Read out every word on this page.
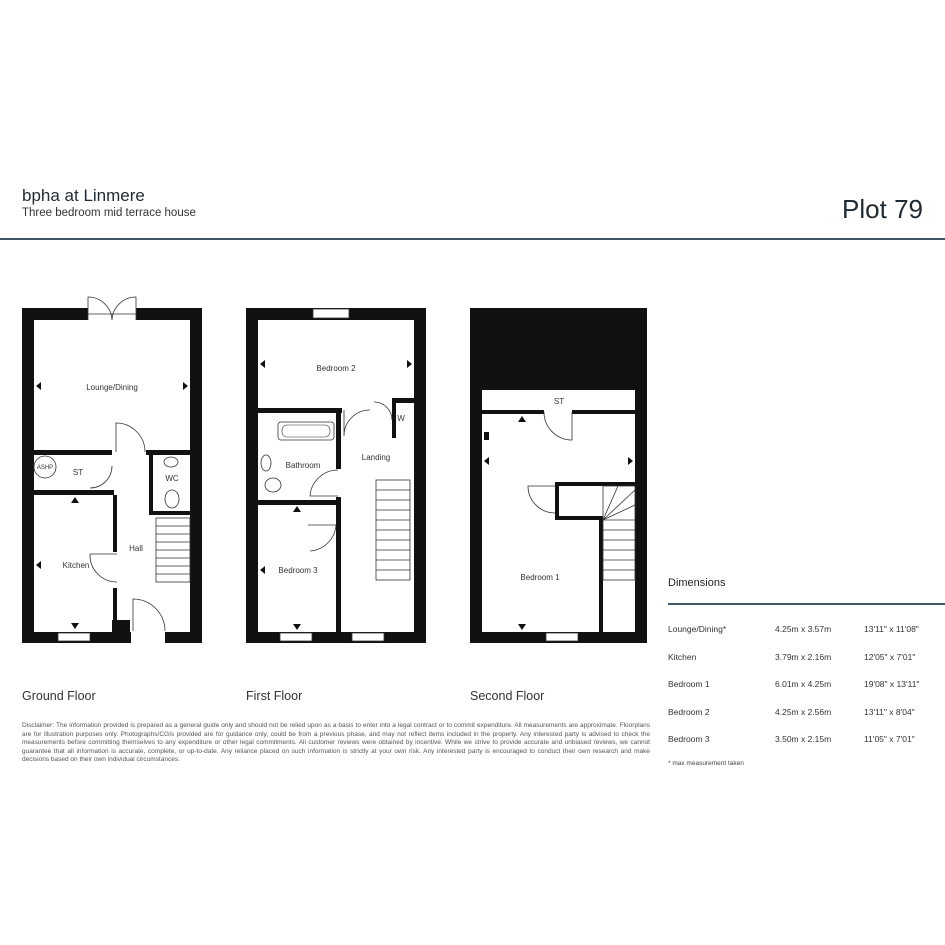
bpha at Linmere
Three bedroom mid terrace house	Plot 79
Lounge/Dining
ASHP ST
WC
Kitchen
Hall
Bedroom 2
W
Bathroom
Landing
Bedroom 3
ST
Bedroom 1
Ground Floor	First Floor	Second Floor
Disclaimer: The information provided is prepared as a general guide only and should not be relied upon as a basis to enter into a legal contract or to commit expenditure. All measurements are approximate. Floorplans are for illustration purposes only. Photographs/CGIs provided are for guidance only, could be from a previous phase, and may not reflect items included in the property. Any interested party is advised to check the measurements before committing themselves to any expenditure or other legal commitments. All customer reviews were obtained by incentive. While we strive to provide accurate and unbiased reviews, we cannot guarantee that all information is accurate, complete, or up-to-date. Any reliance placed on such information is strictly at your own risk. Any interested party is encouraged to conduct their own research and make decisions based on their own individual circumstances.
Dimensions
Lounge/Dining*	4.25m x 3.57m	13'11" x 11'08"
Kitchen	3.79m x 2.16m	12'05" x 7'01"
Bedroom 1	6.01m x 4.25m	19'08" x 13'11"
Bedroom 2	4.25m x 2.56m	13'11" x 8'04"
Bedroom 3	3.50m x 2.15m	11'05" x 7'01"
* max measurement taken
